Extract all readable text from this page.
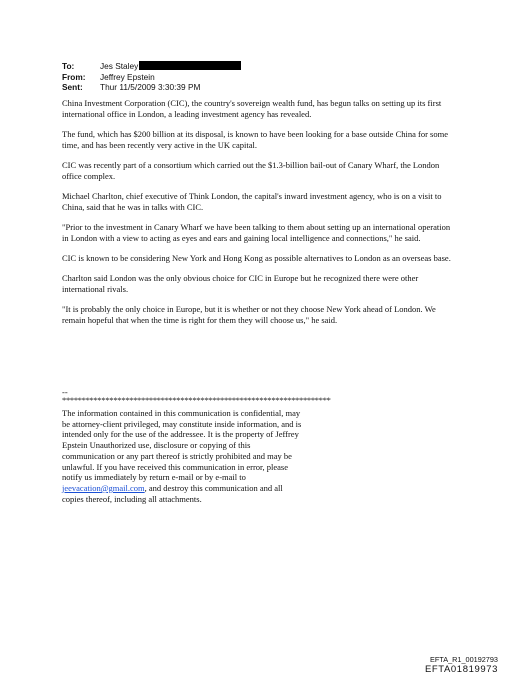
To:	Jes Staley
From:	Jeffrey Epstein
Sent:	Thur 11/5/2009 3:30:39 PM

China Investment Corporation (CIC), the country's sovereign wealth fund, has begun talks on setting up its first international office in London, a leading investment agency has revealed.

The fund, which has $200 billion at its disposal, is known to have been looking for a base outside China for some time, and has been recently very active in the UK capital.

CIC was recently part of a consortium which carried out the $1.3-billion bail-out of Canary Wharf, the London office complex.

Michael Charlton, chief executive of Think London, the capital's inward investment agency, who is on a visit to China, said that he was in talks with CIC.

"Prior to the investment in Canary Wharf we have been talking to them about setting up an international operation in London with a view to acting as eyes and ears and gaining local intelligence and connections," he said.

CIC is known to be considering New York and Hong Kong as possible alternatives to London as an overseas base.

Charlton said London was the only obvious choice for CIC in Europe but he recognized there were other international rivals.

"It is probably the only choice in Europe, but it is whether or not they choose New York ahead of London. We remain hopeful that when the time is right for them they will choose us," he said.

--
********************************************************************

The information contained in this communication is confidential, may be attorney-client privileged, may constitute inside information, and is intended only for the use of the addressee. It is the property of Jeffrey Epstein Unauthorized use, disclosure or copying of this communication or any part thereof is strictly prohibited and may be unlawful. If you have received this communication in error, please notify us immediately by return e-mail or by e-mail to jeevacation@gmail.com, and destroy this communication and all copies thereof, including all attachments.

EFTA_R1_00192793
EFTA01819973
